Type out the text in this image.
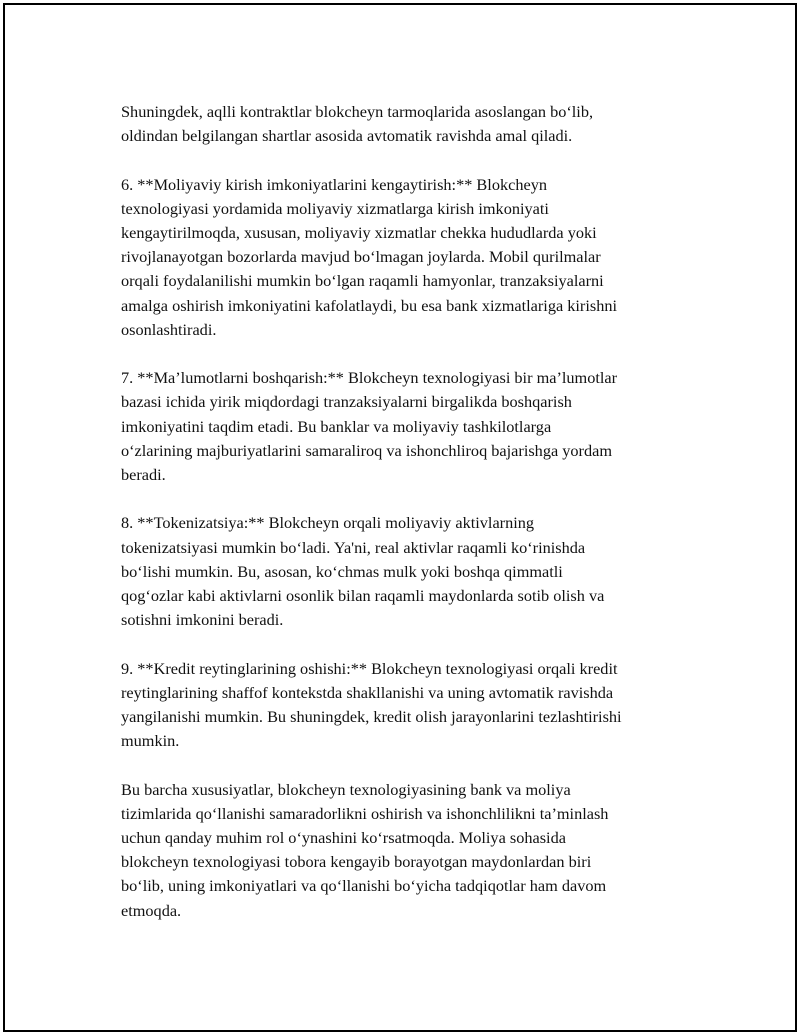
Shuningdek, aqlli kontraktlar blokcheyn tarmoqlarida asoslangan bo‘lib,
oldindan belgilangan shartlar asosida avtomatik ravishda amal qiladi.

6. **Moliyaviy kirish imkoniyatlarini kengaytirish:** Blokcheyn
texnologiyasi yordamida moliyaviy xizmatlarga kirish imkoniyati
kengaytirilmoqda, xususan, moliyaviy xizmatlar chekka hududlarda yoki
rivojlanayotgan bozorlarda mavjud bo‘lmagan joylarda. Mobil qurilmalar
orqali foydalanilishi mumkin bo‘lgan raqamli hamyonlar, tranzaksiyalarni
amalga oshirish imkoniyatini kafolatlaydi, bu esa bank xizmatlariga kirishni
osonlashtiradi.

7. **Ma’lumotlarni boshqarish:** Blokcheyn texnologiyasi bir ma’lumotlar
bazasi ichida yirik miqdordagi tranzaksiyalarni birgalikda boshqarish
imkoniyatini taqdim etadi. Bu banklar va moliyaviy tashkilotlarga
o‘zlarining majburiyatlarini samaraliroq va ishonchliroq bajarishga yordam
beradi.

8. **Tokenizatsiya:** Blokcheyn orqali moliyaviy aktivlarning
tokenizatsiyasi mumkin bo‘ladi. Ya'ni, real aktivlar raqamli ko‘rinishda
bo‘lishi mumkin. Bu, asosan, ko‘chmas mulk yoki boshqa qimmatli
qog‘ozlar kabi aktivlarni osonlik bilan raqamli maydonlarda sotib olish va
sotishni imkonini beradi.

9. **Kredit reytinglarining oshishi:** Blokcheyn texnologiyasi orqali kredit
reytinglarining shaffof kontekstda shakllanishi va uning avtomatik ravishda
yangilanishi mumkin. Bu shuningdek, kredit olish jarayonlarini tezlashtirishi
mumkin.

Bu barcha xususiyatlar, blokcheyn texnologiyasining bank va moliya
tizimlarida qo‘llanishi samaradorlikni oshirish va ishonchlilikni ta’minlash
uchun qanday muhim rol o‘ynashini ko‘rsatmoqda. Moliya sohasida
blokcheyn texnologiyasi tobora kengayib borayotgan maydonlardan biri
bo‘lib, uning imkoniyatlari va qo‘llanishi bo‘yicha tadqiqotlar ham davom
etmoqda.
